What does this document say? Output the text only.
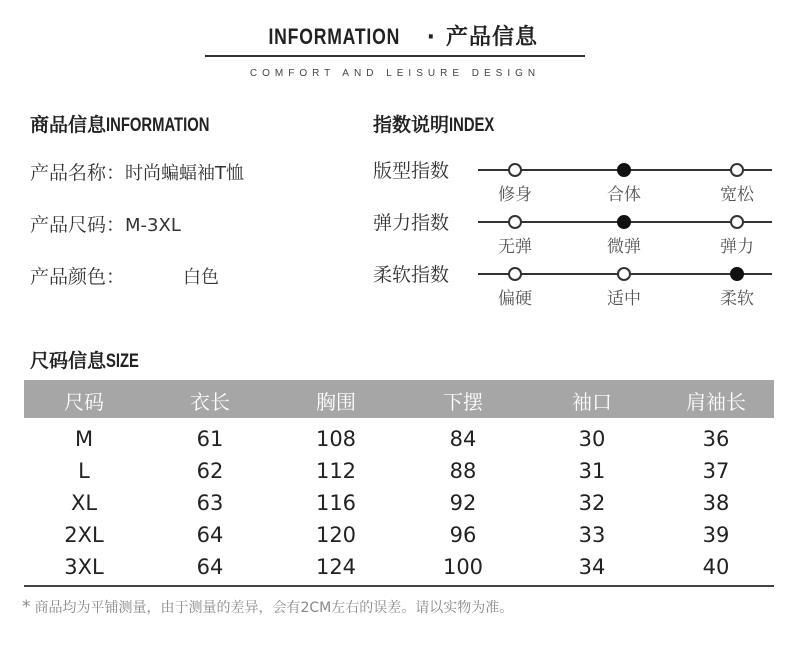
INFORMATION · 产品信息
COMFORT AND LEISURE DESIGN
商品信息INFORMATION
产品名称：时尚蝙蝠袖T恤
产品尺码：M-3XL
产品颜色：	白色
指数说明INDEX
版型指数
修身	合体	宽松
弹力指数
无弹	微弹	弹力
柔软指数
偏硬	适中	柔软
尺码信息SIZE
尺码	衣长	胸围	下摆	袖口	肩袖长
M	61	108	84	30	36
L	62	112	88	31	37
XL	63	116	92	32	38
2XL	64	120	96	33	39
3XL	64	124	100	34	40
* 商品均为平铺测量，由于测量的差异，会有2CM左右的误差。请以实物为准。
